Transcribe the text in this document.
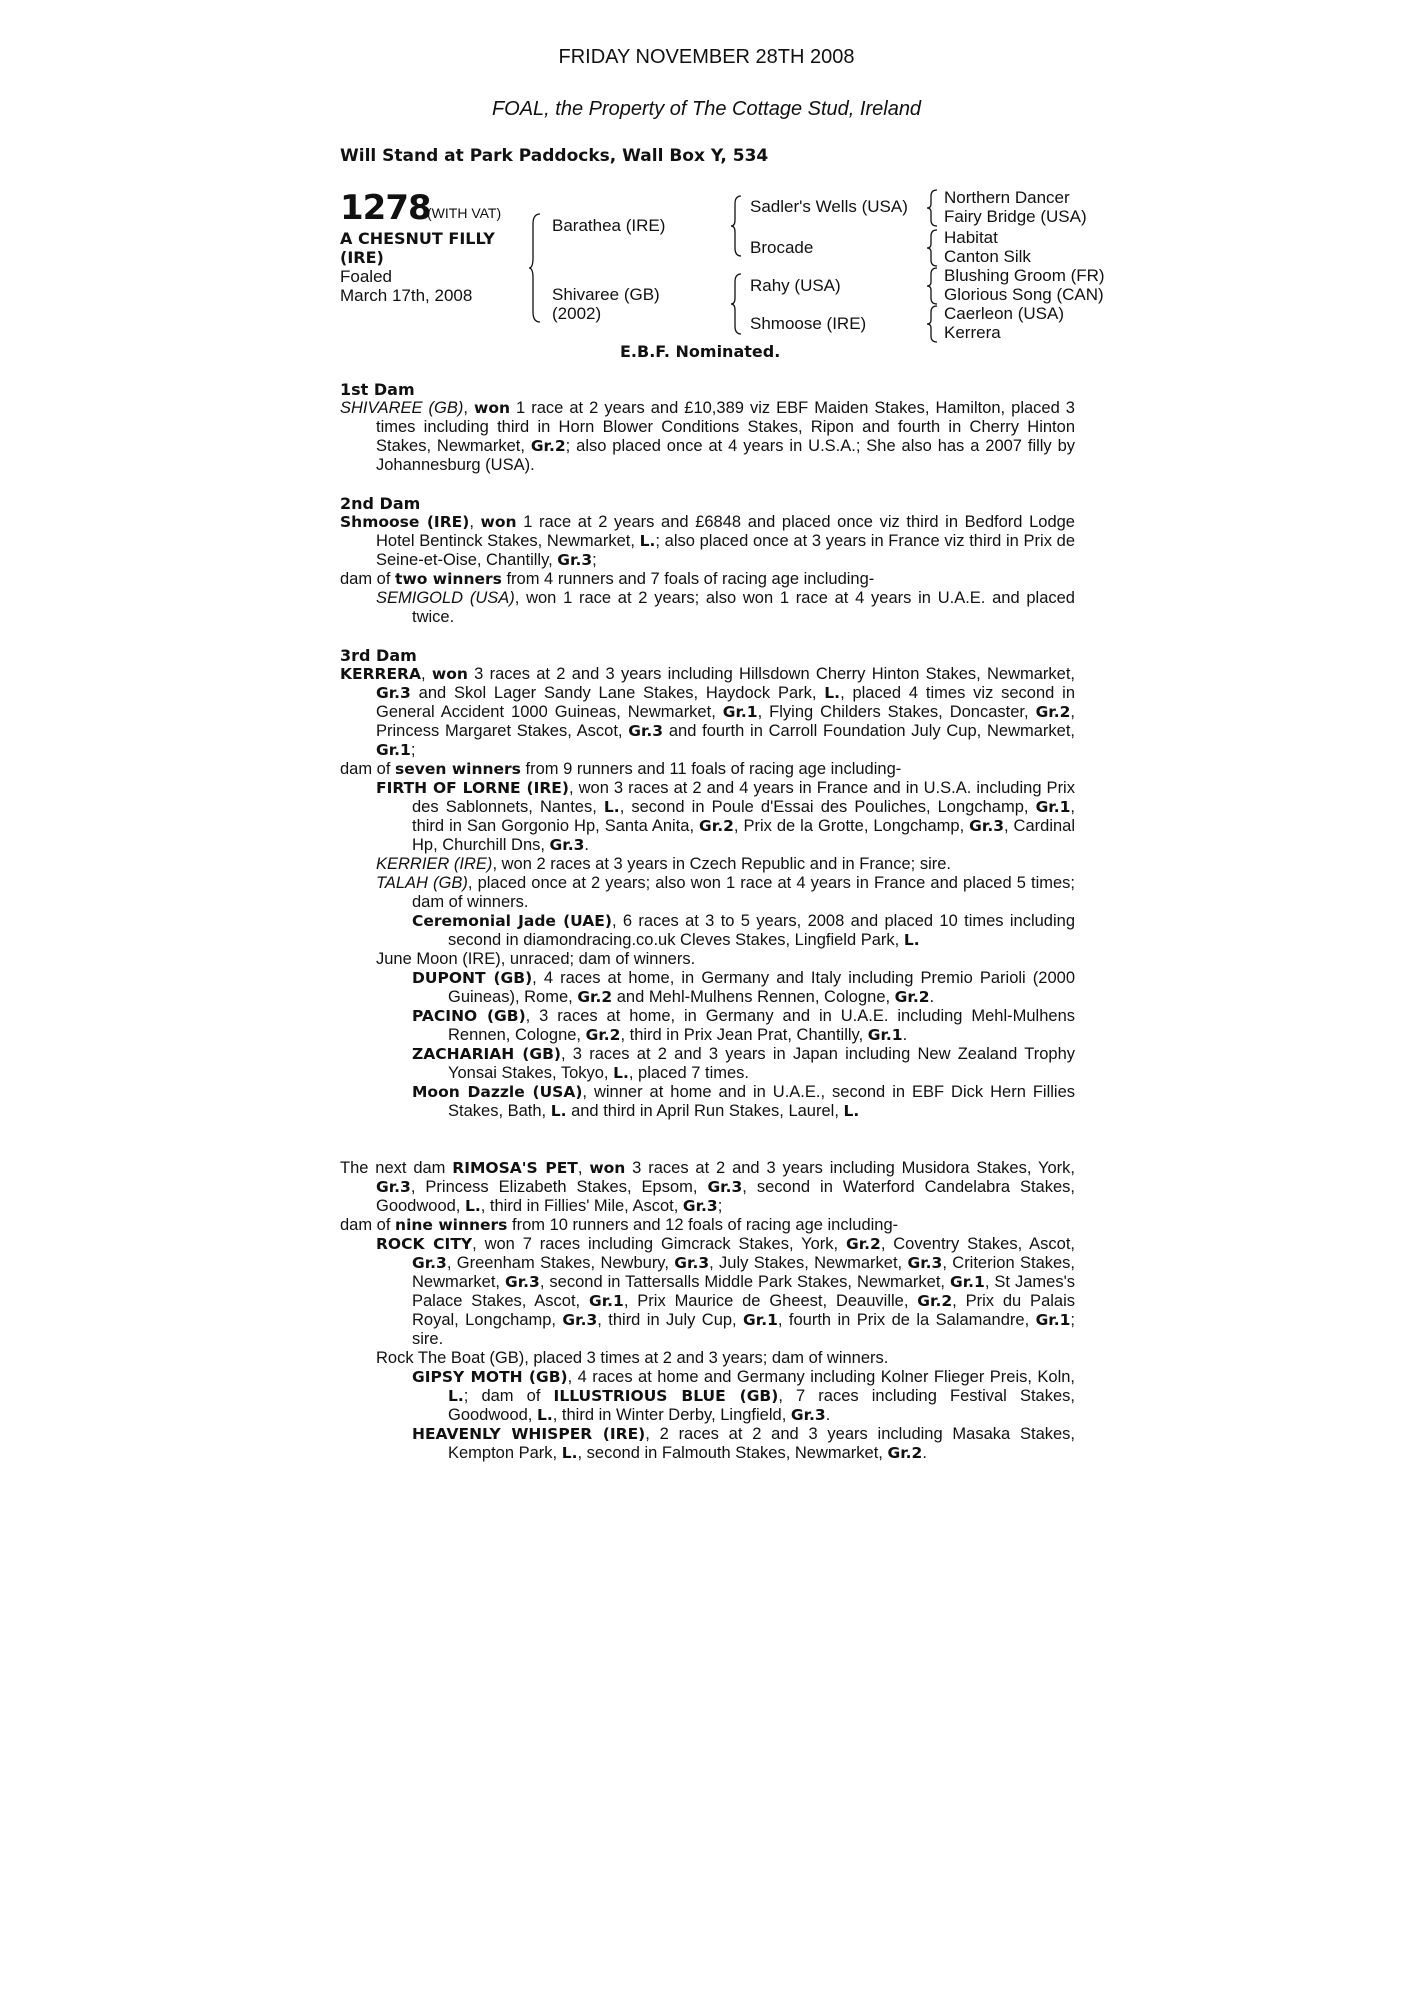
FRIDAY NOVEMBER 28TH 2008
FOAL, the Property of The Cottage Stud, Ireland
Will Stand at Park Paddocks, Wall Box Y, 534
1278
(WITH VAT)
A CHESNUT FILLY
(IRE)
Foaled
March 17th, 2008
Barathea (IRE)
Shivaree (GB)
(2002)
Sadler's Wells (USA)
Brocade
Rahy (USA)
Shmoose (IRE)
Northern Dancer
Fairy Bridge (USA)
Habitat
Canton Silk
Blushing Groom (FR)
Glorious Song (CAN)
Caerleon (USA)
Kerrera
E.B.F. Nominated.

1st Dam

SHIVAREE (GB), won 1 race at 2 years and £10,389 viz EBF Maiden Stakes, Hamilton, placed 3 times including third in Horn Blower Conditions Stakes, Ripon and fourth in Cherry Hinton Stakes, Newmarket, Gr.2; also placed once at 4 years in U.S.A.; She also has a 2007 filly by Johannesburg (USA).

2nd Dam

Shmoose (IRE), won 1 race at 2 years and £6848 and placed once viz third in Bedford Lodge Hotel Bentinck Stakes, Newmarket, L.; also placed once at 3 years in France viz third in Prix de Seine-et-Oise, Chantilly, Gr.3;

dam of two winners from 4 runners and 7 foals of racing age including-

SEMIGOLD (USA), won 1 race at 2 years; also won 1 race at 4 years in U.A.E. and placed twice.

3rd Dam

KERRERA, won 3 races at 2 and 3 years including Hillsdown Cherry Hinton Stakes, Newmarket, Gr.3 and Skol Lager Sandy Lane Stakes, Haydock Park, L., placed 4 times viz second in General Accident 1000 Guineas, Newmarket, Gr.1, Flying Childers Stakes, Doncaster, Gr.2, Princess Margaret Stakes, Ascot, Gr.3 and fourth in Carroll Foundation July Cup, Newmarket, Gr.1;

dam of seven winners from 9 runners and 11 foals of racing age including-

FIRTH OF LORNE (IRE), won 3 races at 2 and 4 years in France and in U.S.A. including Prix des Sablonnets, Nantes, L., second in Poule d'Essai des Pouliches, Longchamp, Gr.1, third in San Gorgonio Hp, Santa Anita, Gr.2, Prix de la Grotte, Longchamp, Gr.3, Cardinal Hp, Churchill Dns, Gr.3.

KERRIER (IRE), won 2 races at 3 years in Czech Republic and in France; sire.

TALAH (GB), placed once at 2 years; also won 1 race at 4 years in France and placed 5 times; dam of winners.

Ceremonial Jade (UAE), 6 races at 3 to 5 years, 2008 and placed 10 times including second in diamondracing.co.uk Cleves Stakes, Lingfield Park, L.

June Moon (IRE), unraced; dam of winners.

DUPONT (GB), 4 races at home, in Germany and Italy including Premio Parioli (2000 Guineas), Rome, Gr.2 and Mehl-Mulhens Rennen, Cologne, Gr.2.

PACINO (GB), 3 races at home, in Germany and in U.A.E. including Mehl-Mulhens Rennen, Cologne, Gr.2, third in Prix Jean Prat, Chantilly, Gr.1.

ZACHARIAH (GB), 3 races at 2 and 3 years in Japan including New Zealand Trophy Yonsai Stakes, Tokyo, L., placed 7 times.

Moon Dazzle (USA), winner at home and in U.A.E., second in EBF Dick Hern Fillies Stakes, Bath, L. and third in April Run Stakes, Laurel, L.

The next dam RIMOSA'S PET, won 3 races at 2 and 3 years including Musidora Stakes, York, Gr.3, Princess Elizabeth Stakes, Epsom, Gr.3, second in Waterford Candelabra Stakes, Goodwood, L., third in Fillies' Mile, Ascot, Gr.3;

dam of nine winners from 10 runners and 12 foals of racing age including-

ROCK CITY, won 7 races including Gimcrack Stakes, York, Gr.2, Coventry Stakes, Ascot, Gr.3, Greenham Stakes, Newbury, Gr.3, July Stakes, Newmarket, Gr.3, Criterion Stakes, Newmarket, Gr.3, second in Tattersalls Middle Park Stakes, Newmarket, Gr.1, St James's Palace Stakes, Ascot, Gr.1, Prix Maurice de Gheest, Deauville, Gr.2, Prix du Palais Royal, Longchamp, Gr.3, third in July Cup, Gr.1, fourth in Prix de la Salamandre, Gr.1; sire.

Rock The Boat (GB), placed 3 times at 2 and 3 years; dam of winners.

GIPSY MOTH (GB), 4 races at home and Germany including Kolner Flieger Preis, Koln, L.; dam of ILLUSTRIOUS BLUE (GB), 7 races including Festival Stakes, Goodwood, L., third in Winter Derby, Lingfield, Gr.3.

HEAVENLY WHISPER (IRE), 2 races at 2 and 3 years including Masaka Stakes, Kempton Park, L., second in Falmouth Stakes, Newmarket, Gr.2.
